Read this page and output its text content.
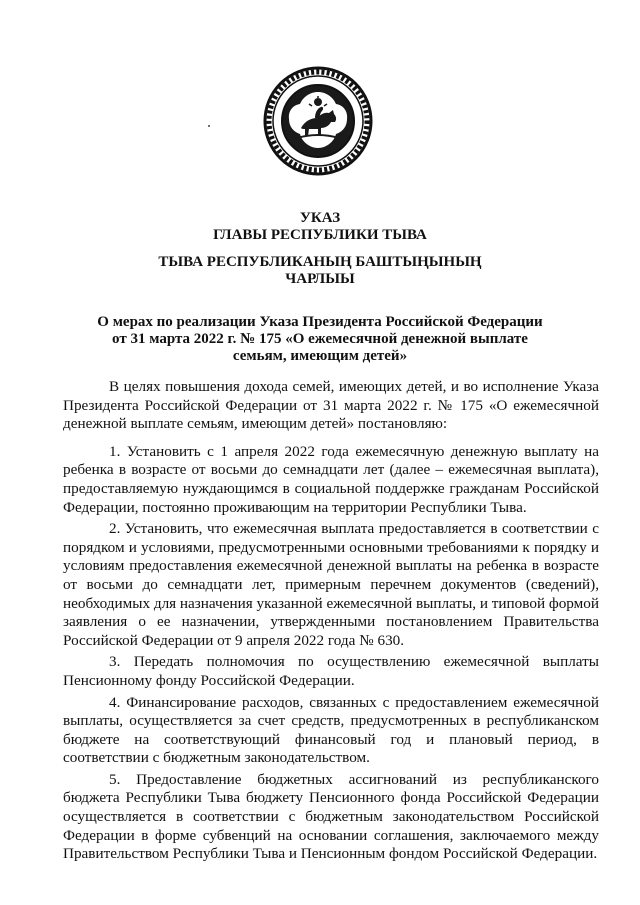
УКАЗ
ГЛАВЫ РЕСПУБЛИКИ ТЫВА
ТЫВА РЕСПУБЛИКАНЫҢ БАШТЫҢЫНЫҢ
ЧАРЛЫЫ
О мерах по реализации Указа Президента Российской Федерации
от 31 марта 2022 г. № 175 «О ежемесячной денежной выплате
семьям, имеющим детей»

В целях повышения дохода семей, имеющих детей, и во исполнение Указа Президента Российской Федерации от 31 марта 2022 г. № 175 «О ежемесячной денежной выплате семьям, имеющим детей» постановляю:

1. Установить с 1 апреля 2022 года ежемесячную денежную выплату на ребенка в возрасте от восьми до семнадцати лет (далее – ежемесячная выплата), предоставляемую нуждающимся в социальной поддержке гражданам Российской Федерации, постоянно проживающим на территории Республики Тыва.

2. Установить, что ежемесячная выплата предоставляется в соответствии с порядком и условиями, предусмотренными основными требованиями к порядку и условиям предоставления ежемесячной денежной выплаты на ребенка в возрасте от восьми до семнадцати лет, примерным перечнем документов (сведений), необходимых для назначения указанной ежемесячной выплаты, и типовой формой заявления о ее назначении, утвержденными постановлением Правительства Российской Федерации от 9 апреля 2022 года № 630.

3. Передать полномочия по осуществлению ежемесячной выплаты Пенсионному фонду Российской Федерации.

4. Финансирование расходов, связанных с предоставлением ежемесячной выплаты, осуществляется за счет средств, предусмотренных в республиканском бюджете на соответствующий финансовый год и плановый период, в соответствии с бюджетным законодательством.

5. Предоставление бюджетных ассигнований из республиканского бюджета Республики Тыва бюджету Пенсионного фонда Российской Федерации осуществляется в соответствии с бюджетным законодательством Российской Федерации в форме субвенций на основании соглашения, заключаемого между Правительством Республики Тыва и Пенсионным фондом Российской Федерации.
